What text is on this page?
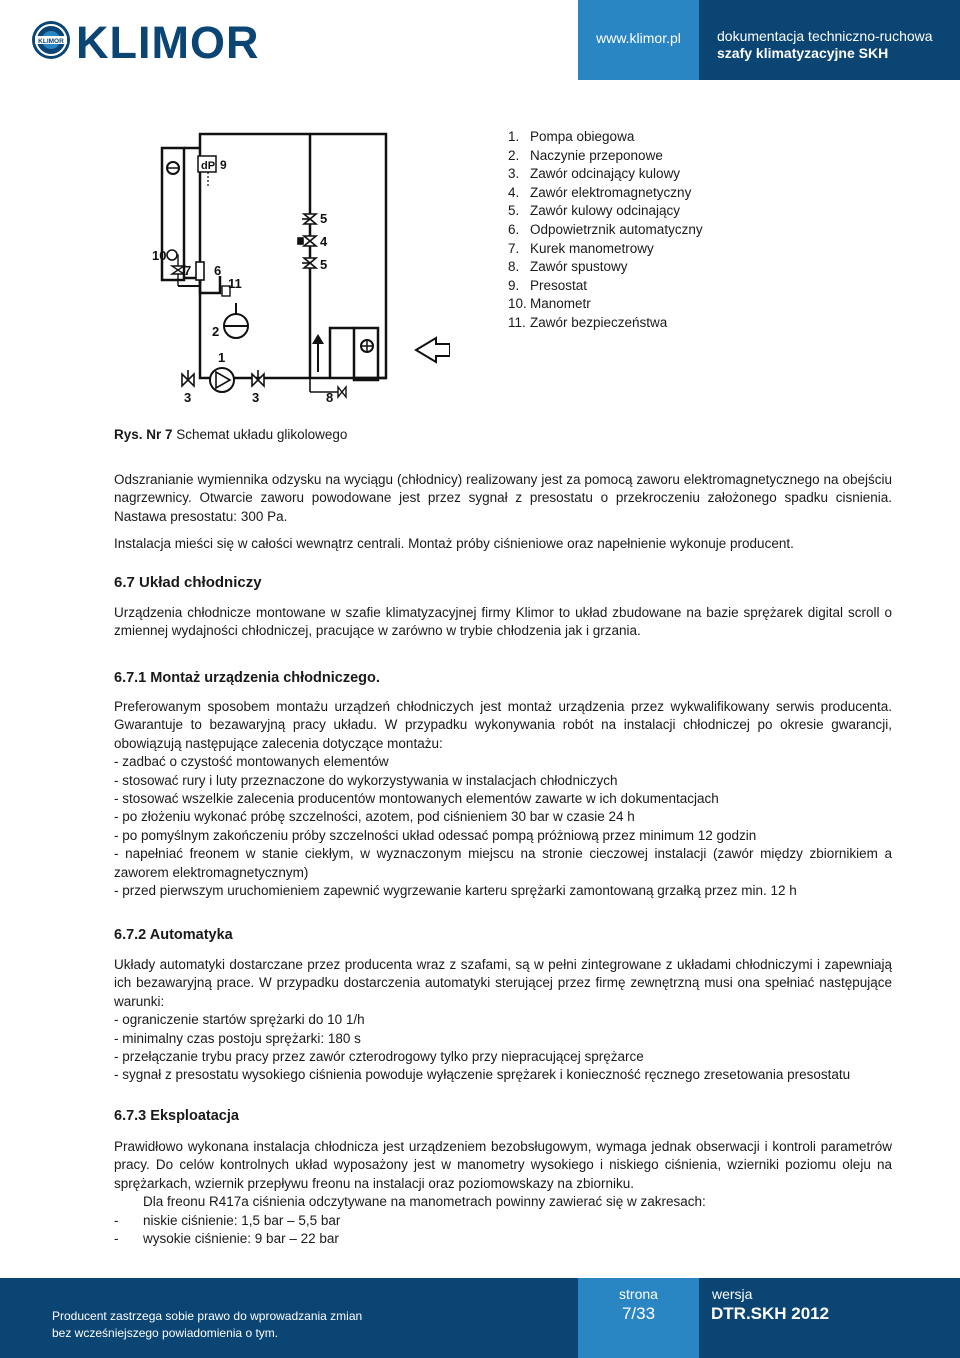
KLIMOR KLIMOR	www.klimor.pl	dokumentacja techniczno-ruchowa
szafy klimatyzacyjne SKH
dP 9
5
4
5
10
7 6
11
2
1
3	3	8
1. Pompa obiegowa
2. Naczynie przeponowe
3. Zawór odcinający kulowy
4. Zawór elektromagnetyczny
5. Zawór kulowy odcinający
6. Odpowietrznik automatyczny
7. Kurek manometrowy
8. Zawór spustowy
9. Presostat
10. Manometr
11. Zawór bezpieczeństwa
Rys. Nr 7 Schemat układu glikolowego
Odszranianie wymiennika odzysku na wyciągu (chłodnicy) realizowany jest za pomocą zaworu elektromagnetycznego na obejściu nagrzewnicy. Otwarcie zaworu powodowane jest przez sygnał z presostatu o przekroczeniu założonego spadku cisnienia. Nastawa presostatu: 300 Pa.
Instalacja mieści się w całości wewnątrz centrali. Montaż próby ciśnieniowe oraz napełnienie wykonuje producent.
6.7 Układ chłodniczy
Urządzenia chłodnicze montowane w szafie klimatyzacyjnej firmy Klimor to układ zbudowane na bazie sprężarek digital scroll o zmiennej wydajności chłodniczej, pracujące w zarówno w trybie chłodzenia jak i grzania.
6.7.1 Montaż urządzenia chłodniczego.
Preferowanym sposobem montażu urządzeń chłodniczych jest montaż urządzenia przez wykwalifikowany serwis producenta. Gwarantuje to bezawaryjną pracy układu. W przypadku wykonywania robót na instalacji chłodniczej po okresie gwarancji, obowiązują następujące zalecenia dotyczące montażu:
- zadbać o czystość montowanych elementów
- stosować rury i luty przeznaczone do wykorzystywania w instalacjach chłodniczych
- stosować wszelkie zalecenia producentów montowanych elementów zawarte w ich dokumentacjach
- po złożeniu wykonać próbę szczelności, azotem, pod ciśnieniem 30 bar w czasie 24 h
- po pomyślnym zakończeniu próby szczelności układ odessać pompą próżniową przez minimum 12 godzin
- napełniać freonem w stanie ciekłym, w wyznaczonym miejscu na stronie cieczowej instalacji (zawór między zbiornikiem a zaworem elektromagnetycznym)
- przed pierwszym uruchomieniem zapewnić wygrzewanie karteru sprężarki zamontowaną grzałką przez min. 12 h
6.7.2 Automatyka
Układy automatyki dostarczane przez producenta wraz z szafami, są w pełni zintegrowane z układami chłodniczymi i zapewniają ich bezawaryjną prace. W przypadku dostarczenia automatyki sterującej przez firmę zewnętrzną musi ona spełniać następujące warunki:
- ograniczenie startów sprężarki do 10 1/h
- minimalny czas postoju sprężarki: 180 s
- przełączanie trybu pracy przez zawór czterodrogowy tylko przy niepracującej sprężarce
- sygnał z presostatu wysokiego ciśnienia powoduje wyłączenie sprężarek i konieczność ręcznego zresetowania presostatu
6.7.3 Eksploatacja
Prawidłowo wykonana instalacja chłodnicza jest urządzeniem bezobsługowym, wymaga jednak obserwacji i kontroli parametrów pracy. Do celów kontrolnych układ wyposażony jest w manometry wysokiego i niskiego ciśnienia, wzierniki poziomu oleju na sprężarkach, wziernik przepływu freonu na instalacji oraz poziomowskazy na zbiorniku.
Dla freonu R417a ciśnienia odczytywane na manometrach powinny zawierać się w zakresach:
- niskie ciśnienie: 1,5 bar – 5,5 bar
- wysokie ciśnienie: 9 bar – 22 bar
Producent zastrzega sobie prawo do wprowadzania zmian
bez wcześniejszego powiadomienia o tym.
strona
7/33
wersja
DTR.SKH 2012
